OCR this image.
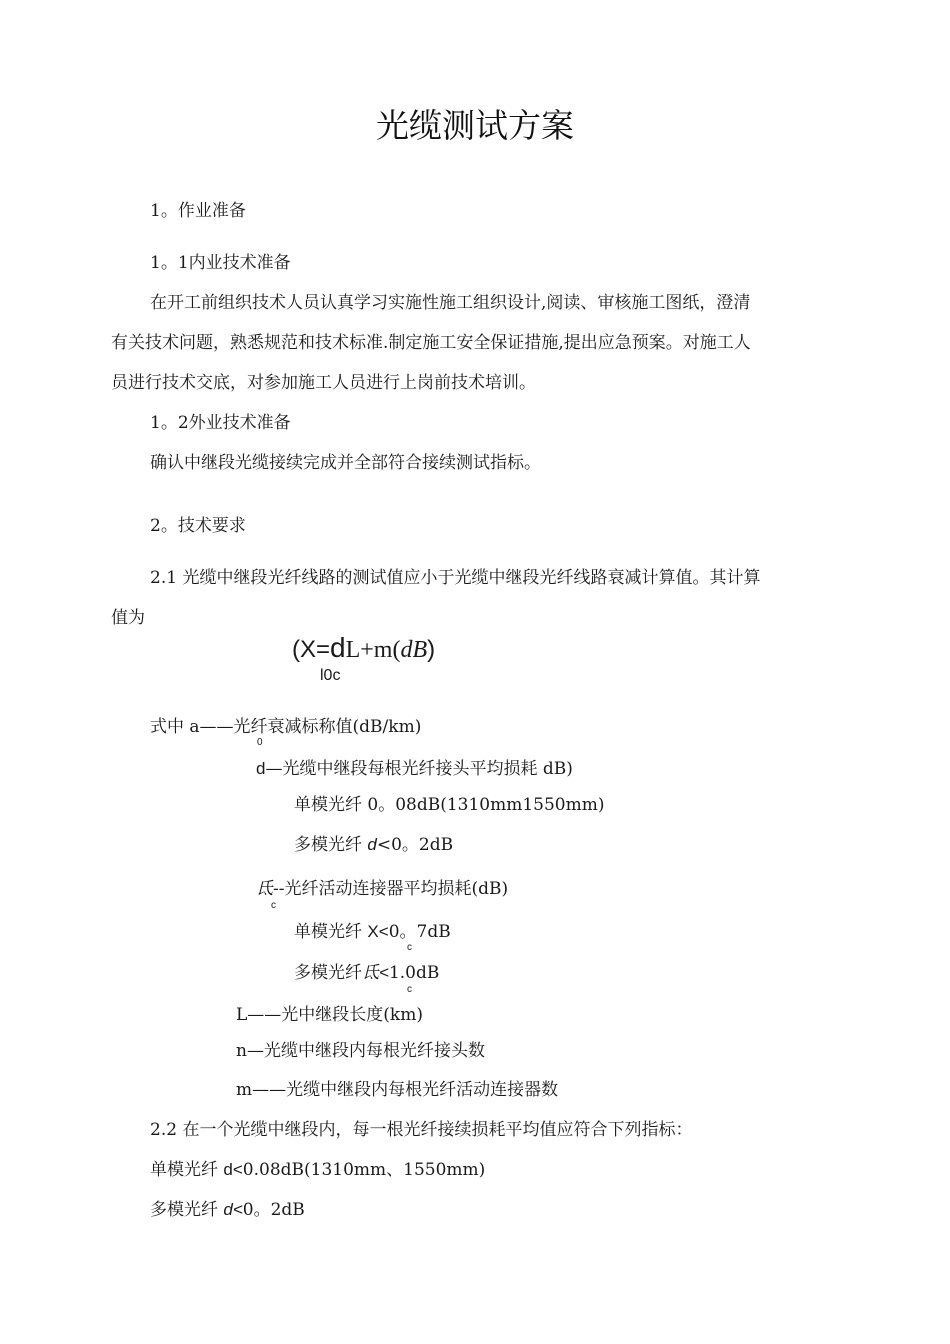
光缆测试方案
1。作业准备
1。1内业技术准备
在开工前组织技术人员认真学习实施性施工组织设计,阅读、审核施工图纸，澄清
有关技术问题，熟悉规范和技术标准.制定施工安全保证措施,提出应急预案。对施工人
员进行技术交底，对参加施工人员进行上岗前技术培训。
1。2外业技术准备
确认中继段光缆接续完成并全部符合接续测试指标。
2。技术要求
2.1 光缆中继段光纤线路的测试值应小于光缆中继段光纤线路衰减计算值。其计算
值为
(X=dL+m(dB)
l0c
式中 a——光纤衰减标称值(dB/km)
0
d—光缆中继段每根光纤接头平均损耗 dB)
单模光纤 0。08dB(1310mm1550mm)
多模光纤 d<0。2dB
氐--光纤活动连接器平均损耗(dB)
c
单模光纤 X<0。7dB
c
多模光纤氐<1.0dB
c
L——光中继段长度(km)
n—光缆中继段内每根光纤接头数
m——光缆中继段内每根光纤活动连接器数
2.2 在一个光缆中继段内，每一根光纤接续损耗平均值应符合下列指标：
单模光纤 d<0.08dB(1310mm、1550mm)
多模光纤 d<0。2dB
